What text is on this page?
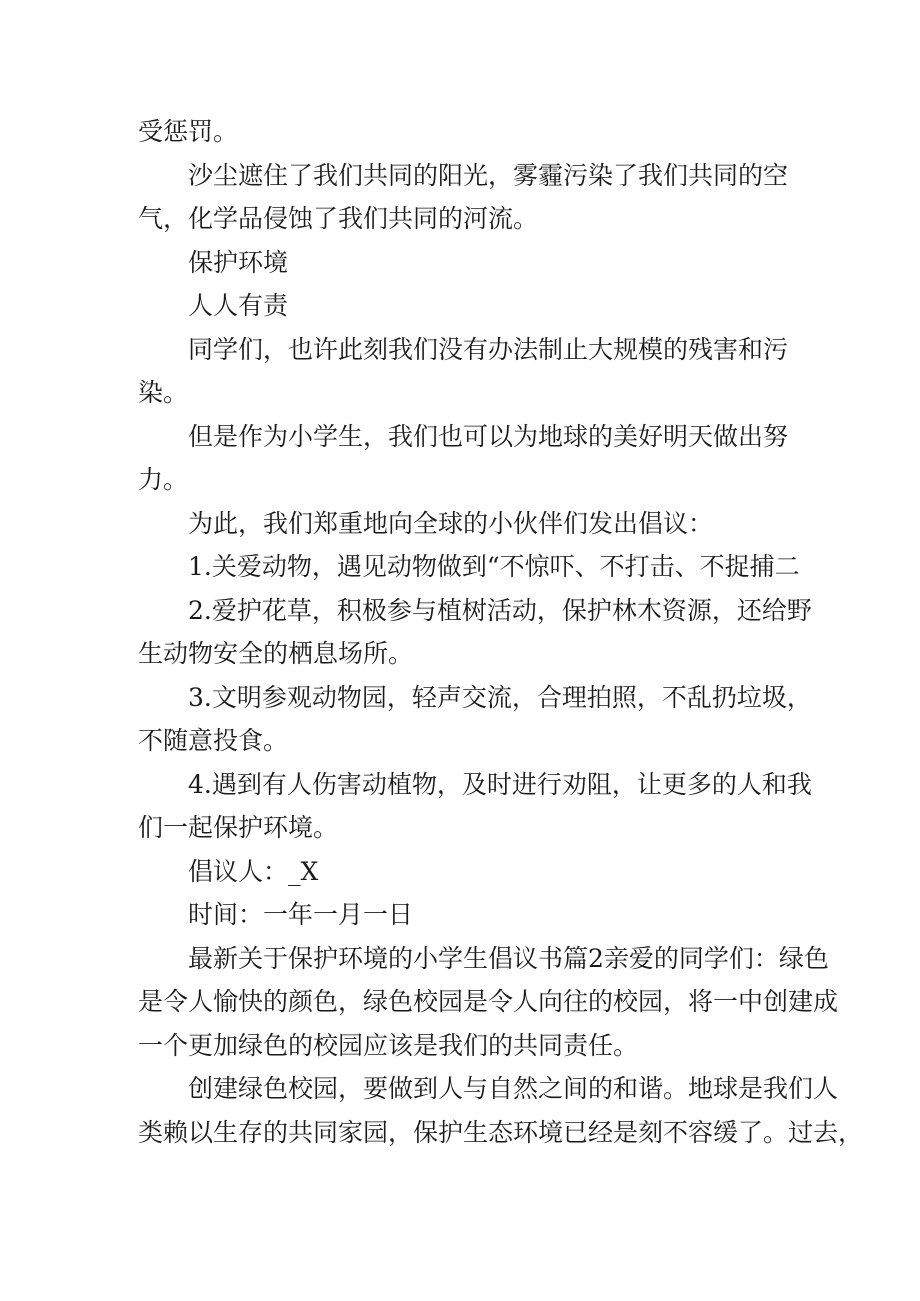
受惩罚。

沙尘遮住了我们共同的阳光，雾霾污染了我们共同的空

气，化学品侵蚀了我们共同的河流。

保护环境

人人有责

同学们，也许此刻我们没有办法制止大规模的残害和污

染。

但是作为小学生，我们也可以为地球的美好明天做出努

力。

为此，我们郑重地向全球的小伙伴们发出倡议：

1.关爱动物，遇见动物做到“不惊吓、不打击、不捉捕二

2.爱护花草，积极参与植树活动，保护林木资源，还给野

生动物安全的栖息场所。

3.文明参观动物园，轻声交流，合理拍照，不乱扔垃圾，

不随意投食。

4.遇到有人伤害动植物，及时进行劝阻，让更多的人和我

们一起保护环境。

倡议人：_X

时间：一年一月一日

最新关于保护环境的小学生倡议书篇2亲爱的同学们：绿色

是令人愉快的颜色，绿色校园是令人向往的校园，将一中创建成

一个更加绿色的校园应该是我们的共同责任。

创建绿色校园，要做到人与自然之间的和谐。地球是我们人

类赖以生存的共同家园，保护生态环境已经是刻不容缓了。过去，
